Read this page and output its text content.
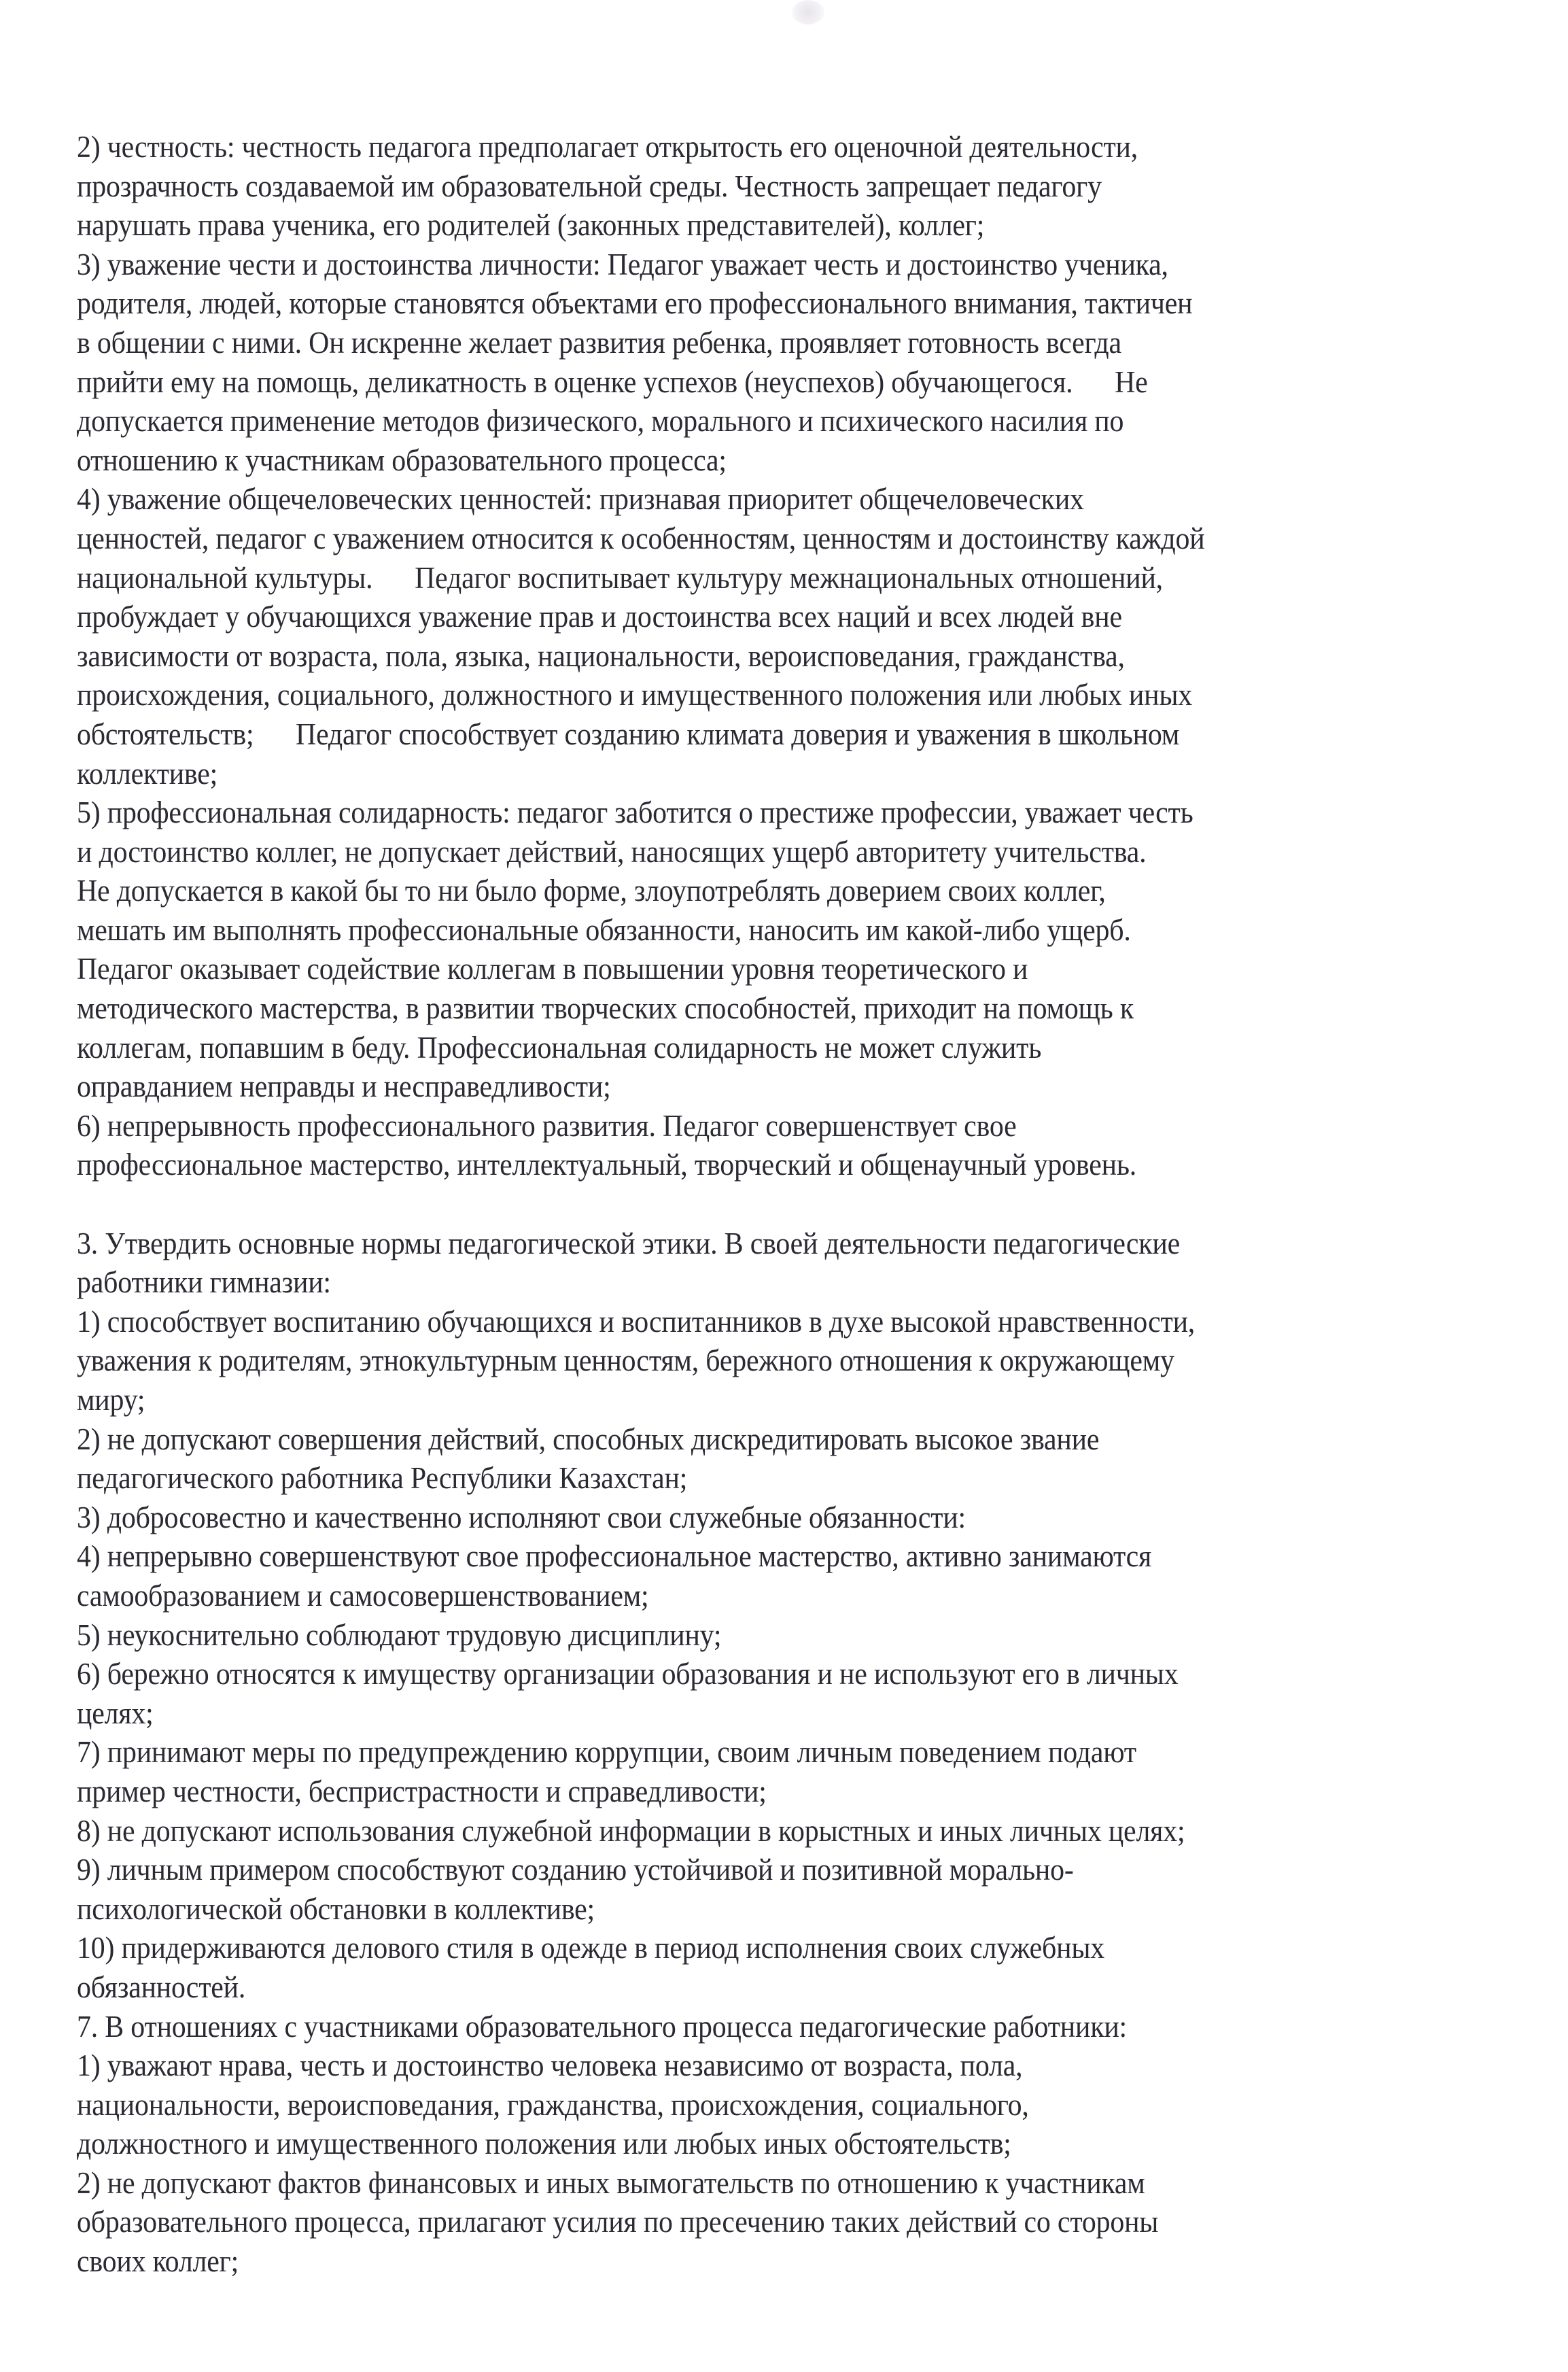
2) честность: честность педагога предполагает открытость его оценочной деятельности,
прозрачность создаваемой им образовательной среды. Честность запрещает педагогу
нарушать права ученика, его родителей (законных представителей), коллег;
3) уважение чести и достоинства личности: Педагог уважает честь и достоинство ученика,
родителя, людей, которые становятся объектами его профессионального внимания, тактичен
в общении с ними. Он искренне желает развития ребенка, проявляет готовность всегда
прийти ему на помощь, деликатность в оценке успехов (неуспехов) обучающегося.      Не
допускается применение методов физического, морального и психического насилия по
отношению к участникам образовательного процесса;
4) уважение общечеловеческих ценностей: признавая приоритет общечеловеческих
ценностей, педагог с уважением относится к особенностям, ценностям и достоинству каждой
национальной культуры.      Педагог воспитывает культуру межнациональных отношений,
пробуждает у обучающихся уважение прав и достоинства всех наций и всех людей вне
зависимости от возраста, пола, языка, национальности, вероисповедания, гражданства,
происхождения, социального, должностного и имущественного положения или любых иных
обстоятельств;      Педагог способствует созданию климата доверия и уважения в школьном
коллективе;
5) профессиональная солидарность: педагог заботится о престиже профессии, уважает честь
и достоинство коллег, не допускает действий, наносящих ущерб авторитету учительства.
Не допускается в какой бы то ни было форме, злоупотреблять доверием своих коллег,
мешать им выполнять профессиональные обязанности, наносить им какой-либо ущерб.
Педагог оказывает содействие коллегам в повышении уровня теоретического и
методического мастерства, в развитии творческих способностей, приходит на помощь к
коллегам, попавшим в беду. Профессиональная солидарность не может служить
оправданием неправды и несправедливости;
6) непрерывность профессионального развития. Педагог совершенствует свое
профессиональное мастерство, интеллектуальный, творческий и общенаучный уровень.
3. Утвердить основные нормы педагогической этики. В своей деятельности педагогические
работники гимназии:
1) способствует воспитанию обучающихся и воспитанников в духе высокой нравственности,
уважения к родителям, этнокультурным ценностям, бережного отношения к окружающему
миру;
2) не допускают совершения действий, способных дискредитировать высокое звание
педагогического работника Республики Казахстан;
3) добросовестно и качественно исполняют свои служебные обязанности:
4) непрерывно совершенствуют свое профессиональное мастерство, активно занимаются
самообразованием и самосовершенствованием;
5) неукоснительно соблюдают трудовую дисциплину;
6) бережно относятся к имуществу организации образования и не используют его в личных
целях;
7) принимают меры по предупреждению коррупции, своим личным поведением подают
пример честности, беспристрастности и справедливости;
8) не допускают использования служебной информации в корыстных и иных личных целях;
9) личным примером способствуют созданию устойчивой и позитивной морально-
психологической обстановки в коллективе;
10) придерживаются делового стиля в одежде в период исполнения своих служебных
обязанностей.
7. В отношениях с участниками образовательного процесса педагогические работники:
1) уважают нрава, честь и достоинство человека независимо от возраста, пола,
национальности, вероисповедания, гражданства, происхождения, социального,
должностного и имущественного положения или любых иных обстоятельств;
2) не допускают фактов финансовых и иных вымогательств по отношению к участникам
образовательного процесса, прилагают усилия по пресечению таких действий со стороны
своих коллег;
